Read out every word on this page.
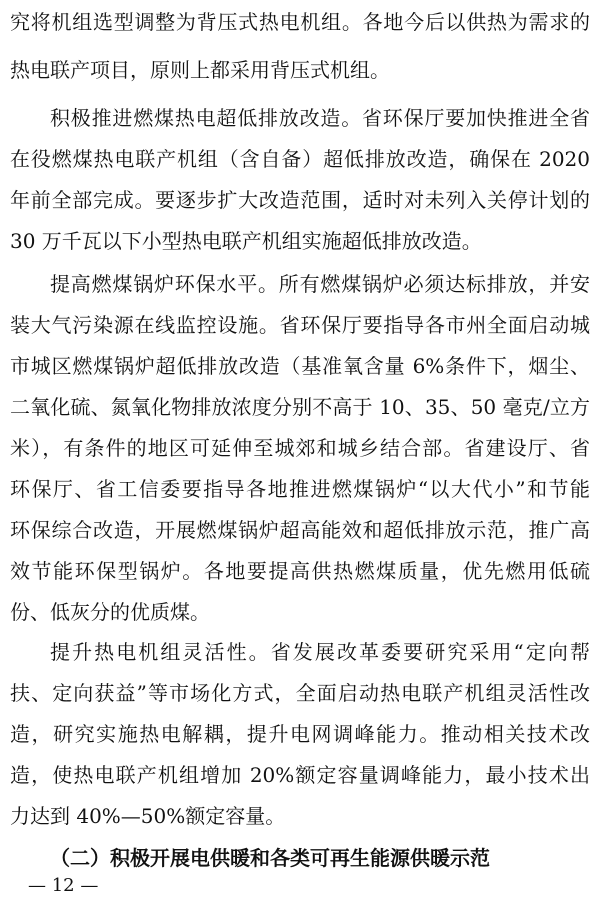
究将机组选型调整为背压式热电机组。各地今后以供热为需求的
热电联产项目，原则上都采用背压式机组。
积极推进燃煤热电超低排放改造。省环保厅要加快推进全省
在役燃煤热电联产机组（含自备）超低排放改造，确保在 2020
年前全部完成。要逐步扩大改造范围，适时对未列入关停计划的
30 万千瓦以下小型热电联产机组实施超低排放改造。
提高燃煤锅炉环保水平。所有燃煤锅炉必须达标排放，并安
装大气污染源在线监控设施。省环保厅要指导各市州全面启动城
市城区燃煤锅炉超低排放改造（基准氧含量 6%条件下，烟尘、
二氧化硫、氮氧化物排放浓度分别不高于 10、35、50 毫克/立方
米），有条件的地区可延伸至城郊和城乡结合部。省建设厅、省
环保厅、省工信委要指导各地推进燃煤锅炉“以大代小”和节能
环保综合改造，开展燃煤锅炉超高能效和超低排放示范，推广高
效节能环保型锅炉。各地要提高供热燃煤质量，优先燃用低硫
份、低灰分的优质煤。
提升热电机组灵活性。省发展改革委要研究采用“定向帮
扶、定向获益”等市场化方式，全面启动热电联产机组灵活性改
造，研究实施热电解耦，提升电网调峰能力。推动相关技术改
造，使热电联产机组增加 20%额定容量调峰能力，最小技术出
力达到 40%—50%额定容量。
（二）积极开展电供暖和各类可再生能源供暖示范
— 12 —
